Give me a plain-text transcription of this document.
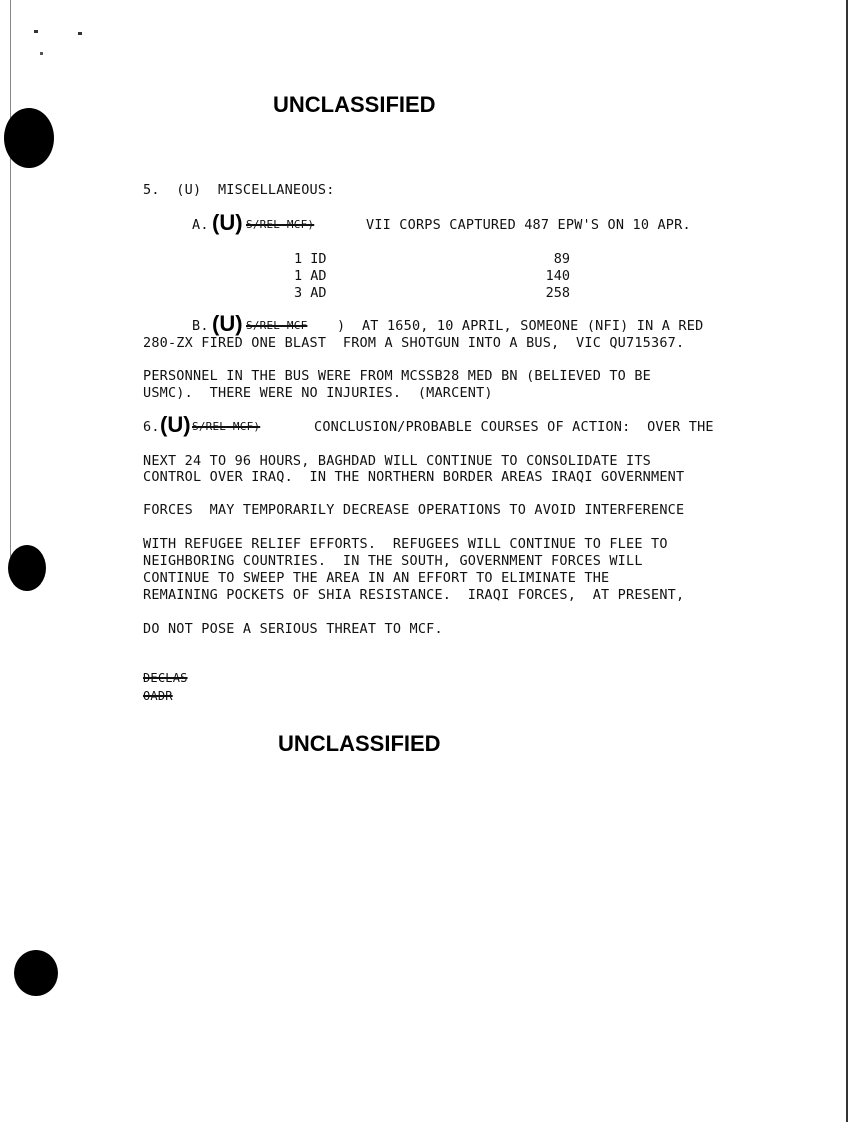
UNCLASSIFIED
5.  (U)  MISCELLANEOUS:
A. (U) S/REL MCF)	VII CORPS CAPTURED 487 EPW'S ON 10 APR.
1 ID	89
1 AD	140
3 AD	258
B. (U) S/REL MCF )  AT 1650, 10 APRIL, SOMEONE (NFI) IN A RED
280-ZX FIRED ONE BLAST  FROM A SHOTGUN INTO A BUS,  VIC QU715367.
PERSONNEL IN THE BUS WERE FROM MCSSB28 MED BN (BELIEVED TO BE
USMC).  THERE WERE NO INJURIES.  (MARCENT)
6. (U) S/REL MCF)	CONCLUSION/PROBABLE COURSES OF ACTION:  OVER THE
NEXT 24 TO 96 HOURS, BAGHDAD WILL CONTINUE TO CONSOLIDATE ITS
CONTROL OVER IRAQ.  IN THE NORTHERN BORDER AREAS IRAQI GOVERNMENT
FORCES  MAY TEMPORARILY DECREASE OPERATIONS TO AVOID INTERFERENCE
WITH REFUGEE RELIEF EFFORTS.  REFUGEES WILL CONTINUE TO FLEE TO
NEIGHBORING COUNTRIES.  IN THE SOUTH, GOVERNMENT FORCES WILL
CONTINUE TO SWEEP THE AREA IN AN EFFORT TO ELIMINATE THE
REMAINING POCKETS OF SHIA RESISTANCE.  IRAQI FORCES,  AT PRESENT,
DO NOT POSE A SERIOUS THREAT TO MCF.
DECLAS
OADR
UNCLASSIFIED
